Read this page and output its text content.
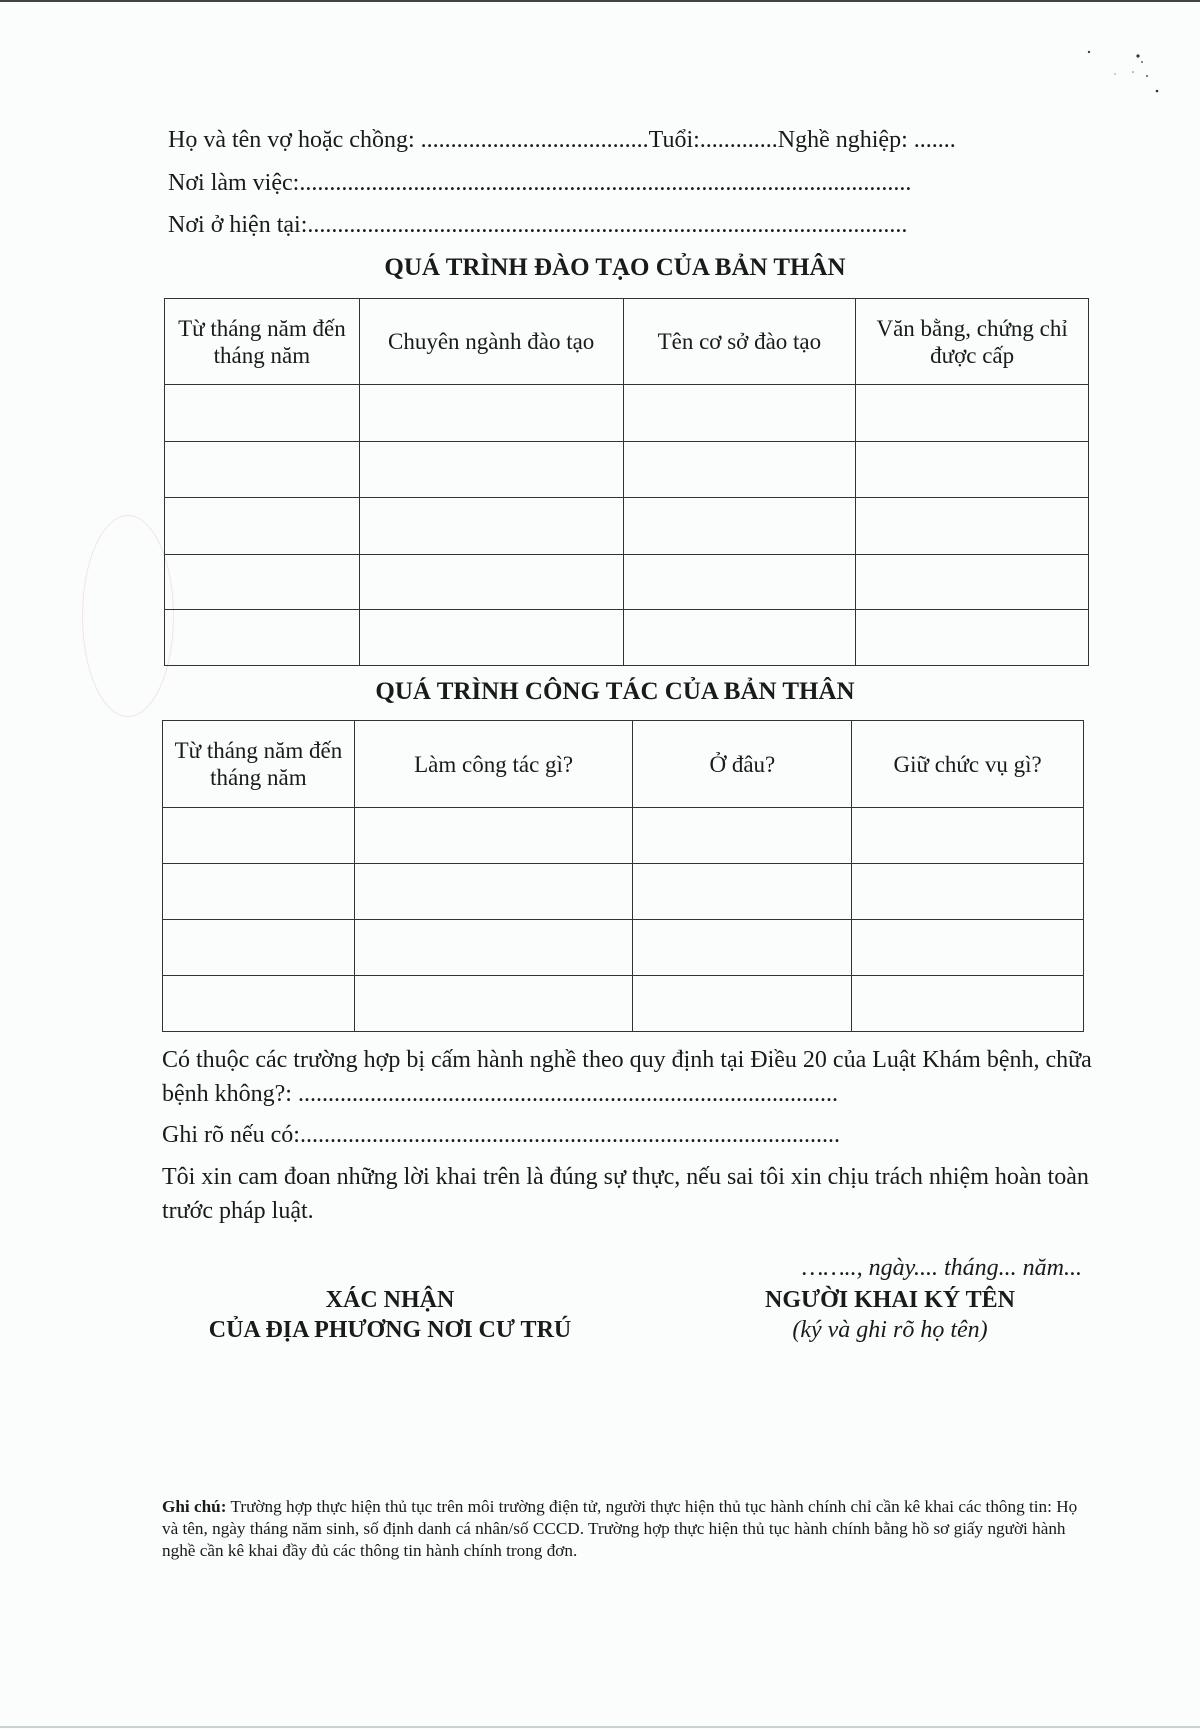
Họ và tên vợ hoặc chồng: ......................................Tuổi:.............Nghề nghiệp: .......
Nơi làm việc:......................................................................................................
Nơi ở hiện tại:....................................................................................................
QUÁ TRÌNH ĐÀO TẠO CỦA BẢN THÂN
Từ tháng năm đến tháng năm	Chuyên ngành đào tạo	Tên cơ sở đào tạo	Văn bằng, chứng chỉ được cấp

QUÁ TRÌNH CÔNG TÁC CỦA BẢN THÂN
Từ tháng năm đến tháng năm	Làm công tác gì?	Ở đâu?	Giữ chức vụ gì?

Có thuộc các trường hợp bị cấm hành nghề theo quy định tại Điều 20 của Luật Khám bệnh, chữa bệnh không?: ..........................................................................................
Ghi rõ nếu có:..........................................................................................
Tôi xin cam đoan những lời khai trên là đúng sự thực, nếu sai tôi xin chịu trách nhiệm hoàn toàn trước pháp luật.
…….., ngày.... tháng... năm...
XÁC NHẬN
CỦA ĐỊA PHƯƠNG NƠI CƯ TRÚ
NGƯỜI KHAI KÝ TÊN
(ký và ghi rõ họ tên)
Ghi chú: Trường hợp thực hiện thủ tục trên môi trường điện tử, người thực hiện thủ tục hành chính chỉ cần kê khai các thông tin: Họ và tên, ngày tháng năm sinh, số định danh cá nhân/số CCCD. Trường hợp thực hiện thủ tục hành chính bằng hồ sơ giấy người hành nghề cần kê khai đầy đủ các thông tin hành chính trong đơn.
